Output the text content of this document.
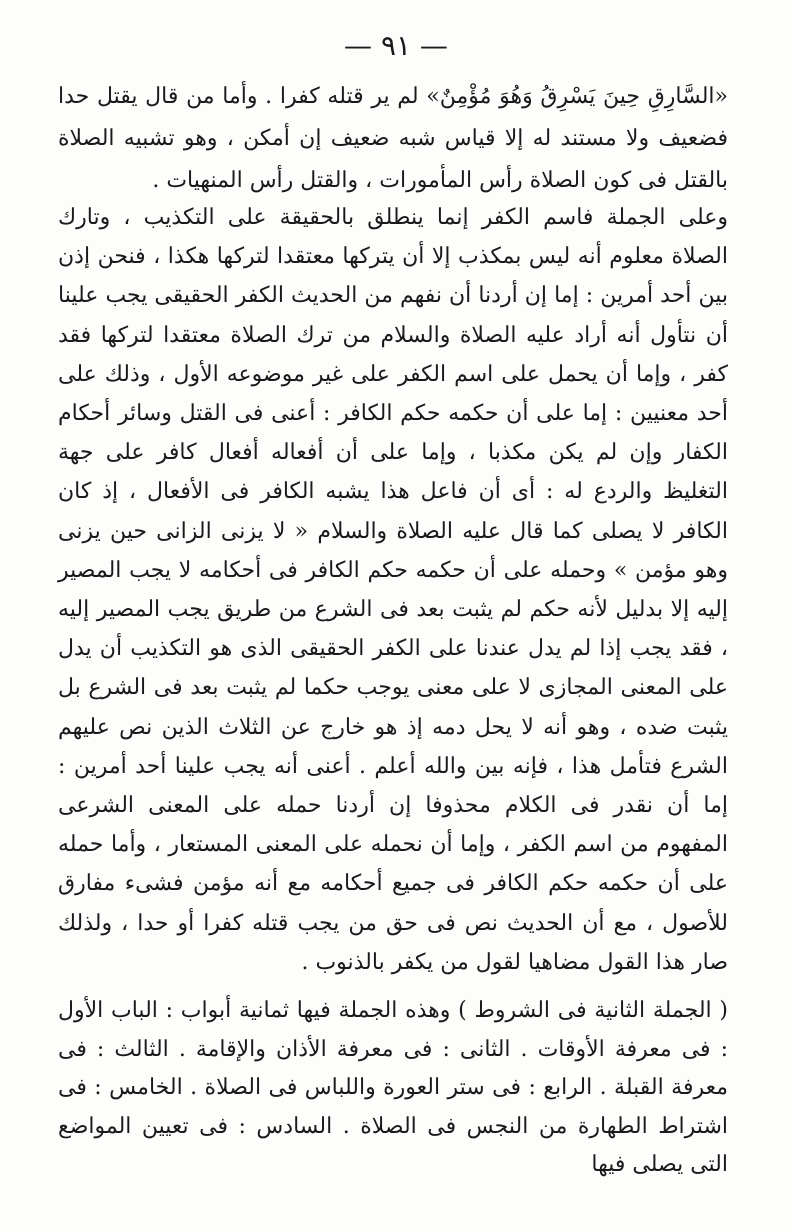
— ٩١ —

«السَّارِقِ حِينَ يَسْرِقُ وَهُوَ مُؤْمِنٌ» لم ير قتله كفرا . وأما من قال يقتل حدا فضعيف ولا مستند له إلا قياس شبه ضعيف إن أمكن ، وهو تشبيه الصلاة بالقتل فى كون الصلاة رأس المأمورات ، والقتل رأس المنهيات .

وعلى الجملة فاسم الكفر إنما ينطلق بالحقيقة على التكذيب ، وتارك الصلاة معلوم أنه ليس بمكذب إلا أن يتركها معتقدا لتركها هكذا ، فنحن إذن بين أحد أمرين : إما إن أردنا أن نفهم من الحديث الكفر الحقيقى يجب علينا أن نتأول أنه أراد عليه الصلاة والسلام من ترك الصلاة معتقدا لتركها فقد كفر ، وإما أن يحمل على اسم الكفر على غير موضوعه الأول ، وذلك على أحد معنيين : إما على أن حكمه حكم الكافر : أعنى فى القتل وسائر أحكام الكفار وإن لم يكن مكذبا ، وإما على أن أفعاله أفعال كافر على جهة التغليظ والردع له : أى أن فاعل هذا يشبه الكافر فى الأفعال ، إذ كان الكافر لا يصلى كما قال عليه الصلاة والسلام « لا يزنى الزانى حين يزنى وهو مؤمن » وحمله على أن حكمه حكم الكافر فى أحكامه لا يجب المصير إليه إلا بدليل لأنه حكم لم يثبت بعد فى الشرع من طريق يجب المصير إليه ، فقد يجب إذا لم يدل عندنا على الكفر الحقيقى الذى هو التكذيب أن يدل على المعنى المجازى لا على معنى يوجب حكما لم يثبت بعد فى الشرع بل يثبت ضده ، وهو أنه لا يحل دمه إذ هو خارج عن الثلاث الذين نص عليهم الشرع فتأمل هذا ، فإنه بين والله أعلم . أعنى أنه يجب علينا أحد أمرين : إما أن نقدر فى الكلام محذوفا إن أردنا حمله على المعنى الشرعى المفهوم من اسم الكفر ، وإما أن نحمله على المعنى المستعار ، وأما حمله على أن حكمه حكم الكافر فى جميع أحكامه مع أنه مؤمن فشىء مفارق للأصول ، مع أن الحديث نص فى حق من يجب قتله كفرا أو حدا ، ولذلك صار هذا القول مضاهيا لقول من يكفر بالذنوب .

( الجملة الثانية فى الشروط ) وهذه الجملة فيها ثمانية أبواب : الباب الأول : فى معرفة الأوقات . الثانى : فى معرفة الأذان والإقامة . الثالث : فى معرفة القبلة . الرابع : فى ستر العورة واللباس فى الصلاة . الخامس : فى اشتراط الطهارة من النجس فى الصلاة . السادس : فى تعيين المواضع التى يصلى فيها
